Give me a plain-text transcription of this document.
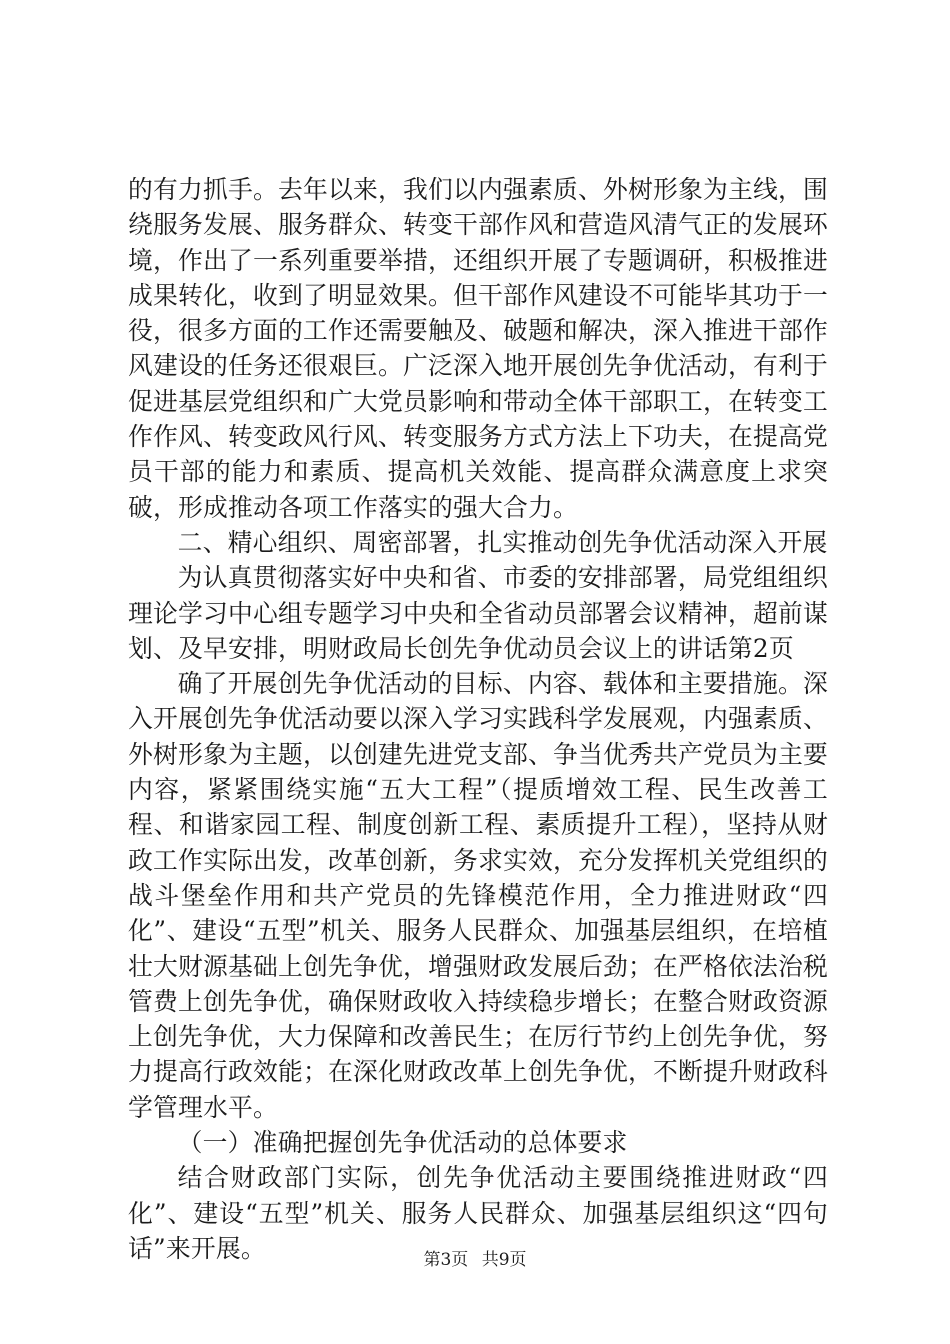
的有力抓手。去年以来，我们以内强素质、外树形象为主线，围绕服务发展、服务群众、转变干部作风和营造风清气正的发展环境，作出了一系列重要举措，还组织开展了专题调研，积极推进成果转化，收到了明显效果。但干部作风建设不可能毕其功于一役，很多方面的工作还需要触及、破题和解决，深入推进干部作风建设的任务还很艰巨。广泛深入地开展创先争优活动，有利于促进基层党组织和广大党员影响和带动全体干部职工，在转变工作作风、转变政风行风、转变服务方式方法上下功夫，在提高党员干部的能力和素质、提高机关效能、提高群众满意度上求突破，形成推动各项工作落实的强大合力。

二、精心组织、周密部署，扎实推动创先争优活动深入开展

为认真贯彻落实好中央和省、市委的安排部署，局党组组织理论学习中心组专题学习中央和全省动员部署会议精神，超前谋划、及早安排，明财政局长创先争优动员会议上的讲话第2页

确了开展创先争优活动的目标、内容、载体和主要措施。深入开展创先争优活动要以深入学习实践科学发展观，内强素质、外树形象为主题，以创建先进党支部、争当优秀共产党员为主要内容，紧紧围绕实施“五大工程”（提质增效工程、民生改善工程、和谐家园工程、制度创新工程、素质提升工程），坚持从财政工作实际出发，改革创新，务求实效，充分发挥机关党组织的战斗堡垒作用和共产党员的先锋模范作用，全力推进财政“四化”、建设“五型”机关、服务人民群众、加强基层组织，在培植壮大财源基础上创先争优，增强财政发展后劲；在严格依法治税管费上创先争优，确保财政收入持续稳步增长；在整合财政资源上创先争优，大力保障和改善民生；在厉行节约上创先争优，努力提高行政效能；在深化财政改革上创先争优，不断提升财政科学管理水平。

（一）准确把握创先争优活动的总体要求

结合财政部门实际，创先争优活动主要围绕推进财政“四化”、建设“五型”机关、服务人民群众、加强基层组织这“四句话”来开展。	第3页 共9页
